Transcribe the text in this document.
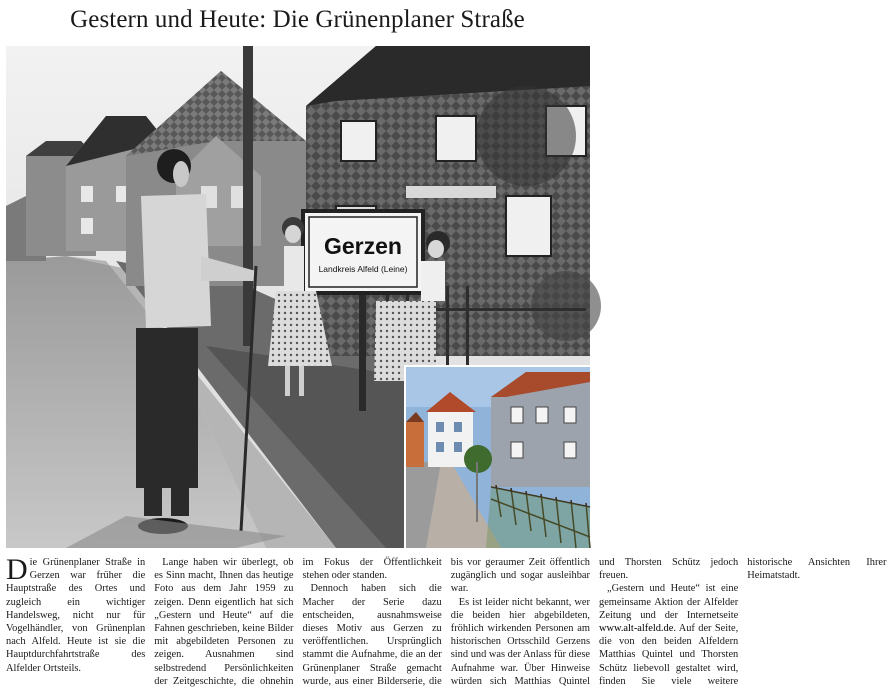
Gestern und Heute: Die Grünenplaner Straße
Gerzen
Landkreis Alfeld (Leine)

Die Grünenplaner Straße in Gerzen war früher die Hauptstraße des Ortes und zugleich ein wichtiger Handelsweg, nicht nur für Vogelhändler, von Grünenplan nach Alfeld. Heute ist sie die Hauptdurchfahrtstraße des Alfelder Ortsteils.

Lange haben wir überlegt, ob es Sinn macht, Ihnen das heutige Foto aus dem Jahr 1959 zu zeigen. Denn eigentlich hat sich „Gestern und Heute“ auf die Fahnen geschrieben, keine Bilder mit abgebildeten Personen zu zeigen. Ausnahmen sind selbstredend Persönlichkeiten der Zeitgeschichte, die ohnehin im Fokus der Öffentlichkeit stehen oder standen.

Dennoch haben sich die Macher der Serie dazu entscheiden, ausnahmsweise dieses Motiv aus Gerzen zu veröffentlichen. Ursprünglich stammt die Aufnahme, die an der Grünenplaner Straße gemacht wurde, aus einer Bilderserie, die bis vor geraumer Zeit öffentlich zugänglich und sogar ausleihbar war.

Es ist leider nicht bekannt, wer die beiden hier abgebildeten, fröhlich wirkenden Personen am historischen Ortsschild Gerzens sind und was der Anlass für diese Aufnahme war. Über Hinweise würden sich Matthias Quintel und Thorsten Schütz jedoch freuen.

„Gestern und Heute“ ist eine gemeinsame Aktion der Alfelder Zeitung und der Internetseite www.alt-alfeld.de. Auf der Seite, die von den beiden Alfeldern Matthias Quintel und Thorsten Schütz liebevoll gestaltet wird, finden Sie viele weitere historische Ansichten Ihrer Heimatstadt.
